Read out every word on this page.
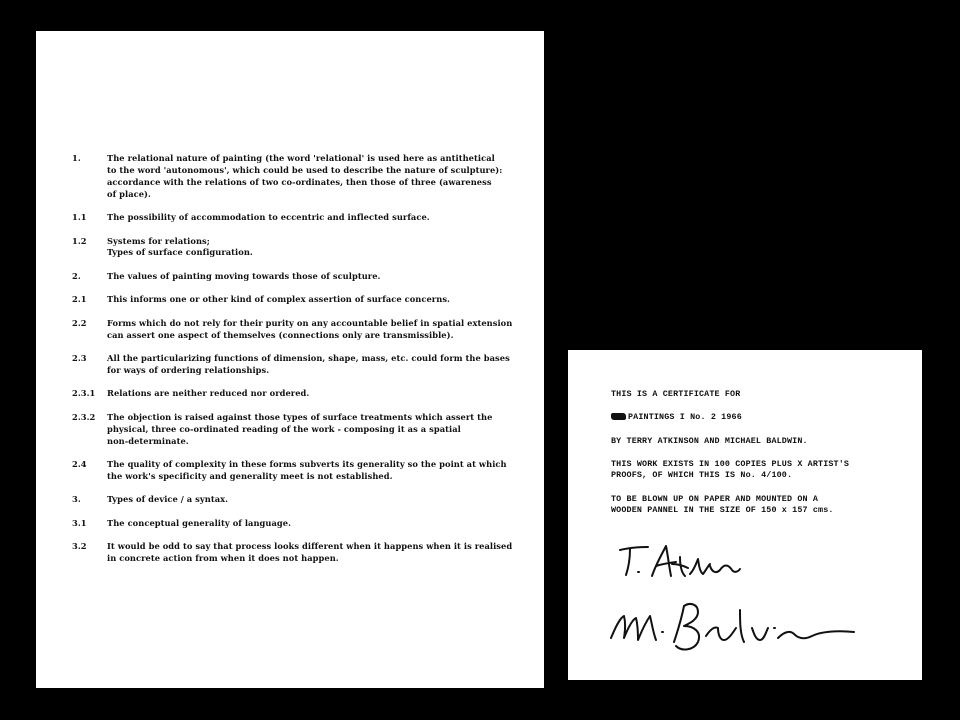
1.	The relational nature of painting (the word 'relational' is used here as antithetical
to the word 'autonomous', which could be used to describe the nature of sculpture):
accordance with the relations of two co-ordinates, then those of three (awareness
of place).
1.1	The possibility of accommodation to eccentric and inflected surface.
1.2	Systems for relations;
Types of surface configuration.
2.	The values of painting moving towards those of sculpture.
2.1	This informs one or other kind of complex assertion of surface concerns.
2.2	Forms which do not rely for their purity on any accountable belief in spatial extension
can assert one aspect of themselves (connections only are transmissible).
2.3	All the particularizing functions of dimension, shape, mass, etc. could form the bases
for ways of ordering relationships.
2.3.1	Relations are neither reduced nor ordered.
2.3.2	The objection is raised against those types of surface treatments which assert the
physical, three co-ordinated reading of the work - composing it as a spatial
non-determinate.
2.4	The quality of complexity in these forms subverts its generality so the point at which
the work's specificity and generality meet is not established.
3.	Types of device / a syntax.
3.1	The conceptual generality of language.
3.2	It would be odd to say that process looks different when it happens when it is realised
in concrete action from when it does not happen.

THIS IS A CERTIFICATE FOR

PAINTINGS I No. 2 1966

BY TERRY ATKINSON AND MICHAEL BALDWIN.

THIS WORK EXISTS IN 100 COPIES PLUS X ARTIST'S
PROOFS, OF WHICH THIS IS No. 4/100.

TO BE BLOWN UP ON PAPER AND MOUNTED ON A
WOODEN PANNEL IN THE SIZE OF 150 x 157 cms.
